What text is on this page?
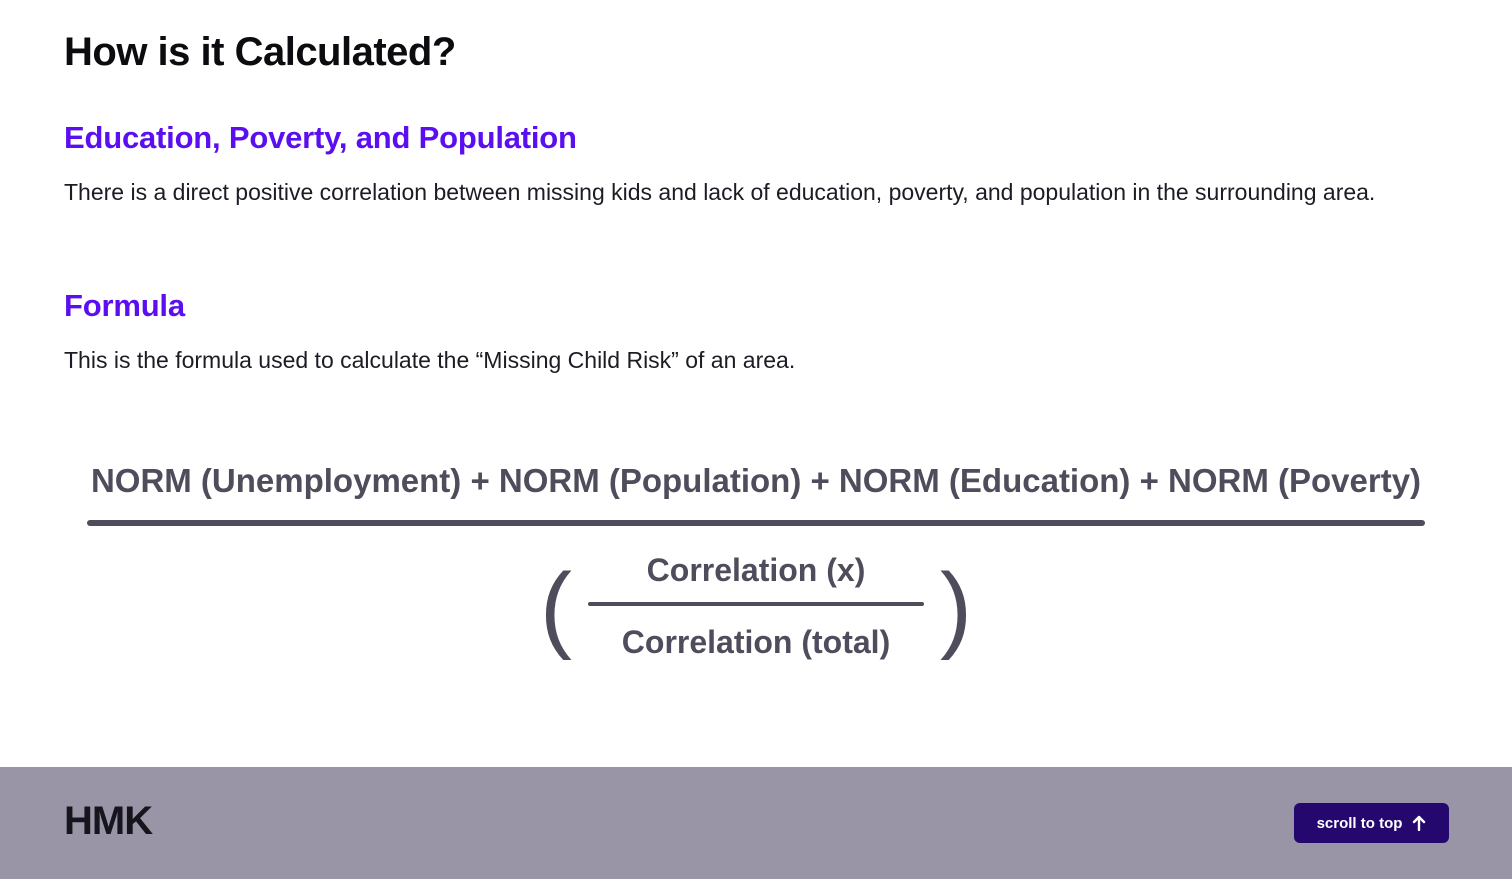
How is it Calculated?
Education, Poverty, and Population

There is a direct positive correlation between missing kids and lack of education, poverty, and population in the surrounding area.

Formula

This is the formula used to calculate the “Missing Child Risk” of an area.

NORM (Unemployment) + NORM (Population) + NORM (Education) + NORM (Poverty)
(	Correlation (x)
Correlation (total) )
HMK	scroll to top
